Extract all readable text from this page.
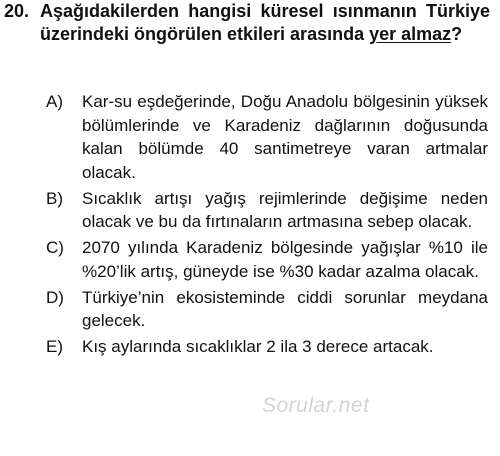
20. Aşağıdakilerden hangisi küresel ısınmanın Türkiye üzerindeki öngörülen etkileri arasında yer almaz?
A) Kar-su eşdeğerinde, Doğu Anadolu bölgesinin yüksek bölümlerinde ve Karadeniz dağlarının doğusunda kalan bölümde 40 santimetreye varan artmalar olacak.
B) Sıcaklık artışı yağış rejimlerinde değişime neden olacak ve bu da fırtınaların artmasına sebep olacak.
C) 2070 yılında Karadeniz bölgesinde yağışlar %10 ile %20’lik artış, güneyde ise %30 kadar azalma olacak.
D) Türkiye’nin ekosisteminde ciddi sorunlar meydana gelecek.
E) Kış aylarında sıcaklıklar 2 ila 3 derece artacak.
Sorular.net
